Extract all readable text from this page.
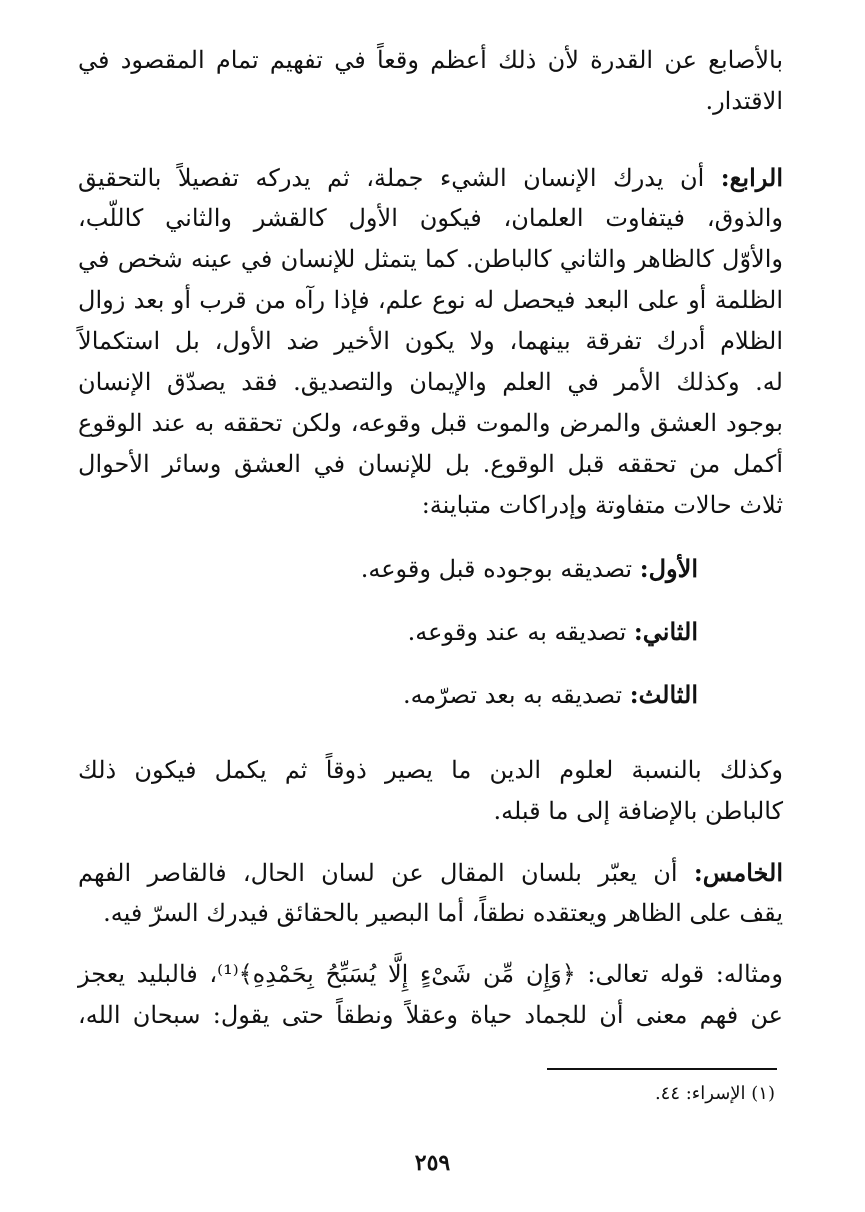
بالأصابع عن القدرة لأن ذلك أعظم وقعاً في تفهيم تمام المقصود في
الاقتدار.
الرابع: أن يدرك الإنسان الشيء جملة، ثم يدركه تفصيلاً بالتحقيق
والذوق، فيتفاوت العلمان، فيكون الأول كالقشر والثاني كاللّب،
والأوّل كالظاهر والثاني كالباطن. كما يتمثل للإنسان في عينه شخص في
الظلمة أو على البعد فيحصل له نوع علم، فإذا رآه من قرب أو بعد زوال
الظلام أدرك تفرقة بينهما، ولا يكون الأخير ضد الأول، بل استكمالاً
له. وكذلك الأمر في العلم والإيمان والتصديق. فقد يصدّق الإنسان
بوجود العشق والمرض والموت قبل وقوعه، ولكن تحققه به عند الوقوع
أكمل من تحققه قبل الوقوع. بل للإنسان في العشق وسائر الأحوال
ثلاث حالات متفاوتة وإدراكات متباينة:
الأول: تصديقه بوجوده قبل وقوعه.
الثاني: تصديقه به عند وقوعه.
الثالث: تصديقه به بعد تصرّمه.
وكذلك بالنسبة لعلوم الدين ما يصير ذوقاً ثم يكمل فيكون ذلك
كالباطن بالإضافة إلى ما قبله.
الخامس: أن يعبّر بلسان المقال عن لسان الحال، فالقاصر الفهم
يقف على الظاهر ويعتقده نطقاً، أما البصير بالحقائق فيدرك السرّ فيه.
ومثاله: قوله تعالى: ﴿وَإِن مِّن شَىْءٍ إِلَّا يُسَبِّحُ بِحَمْدِهِ﴾⁽¹⁾، فالبليد يعجز
عن فهم معنى أن للجماد حياة وعقلاً ونطقاً حتى يقول: سبحان الله،
(١) الإسراء: ٤٤.
٢٥٩
